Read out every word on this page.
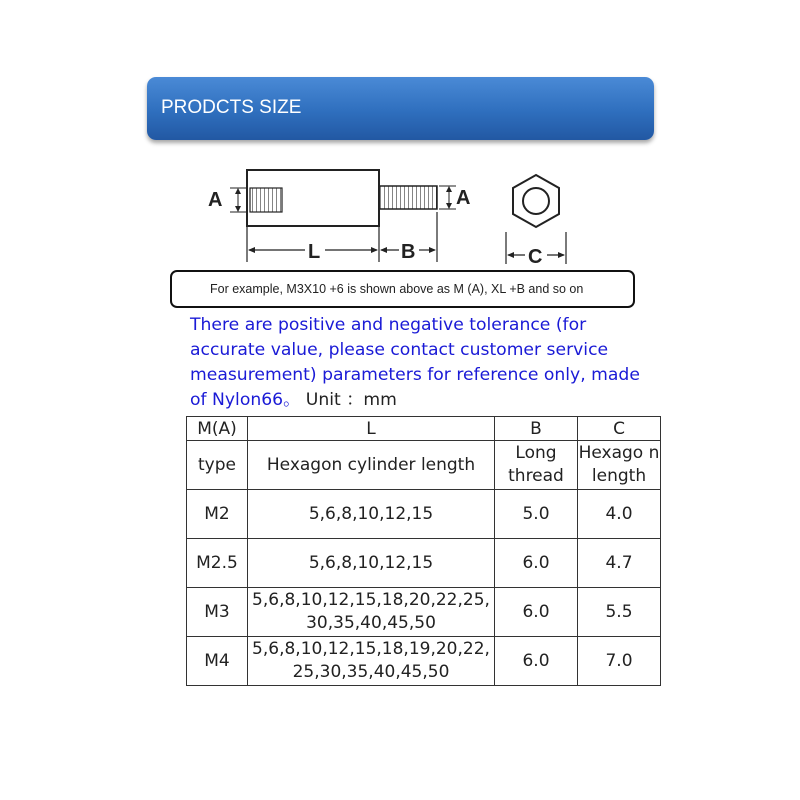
PRODCTS SIZE
A	A
L	B	C
For example, M3X10 +6 is shown above as M (A), XL +B and so on
There are positive and negative tolerance (for accurate value, please contact customer service measurement) parameters for reference only, made of Nylon66。 Unit ：mm
M(A)	L	B	C
type	Hexagon cylinder length	Long thread	Hexago n length
M2	5,6,8,10,12,15	5.0	4.0
M2.5	5,6,8,10,12,15	6.0	4.7
M3	5,6,8,10,12,15,18,20,22,25,30,35,40,45,50	6.0	5.5
M4	5,6,8,10,12,15,18,19,20,22,25,30,35,40,45,50	6.0	7.0
